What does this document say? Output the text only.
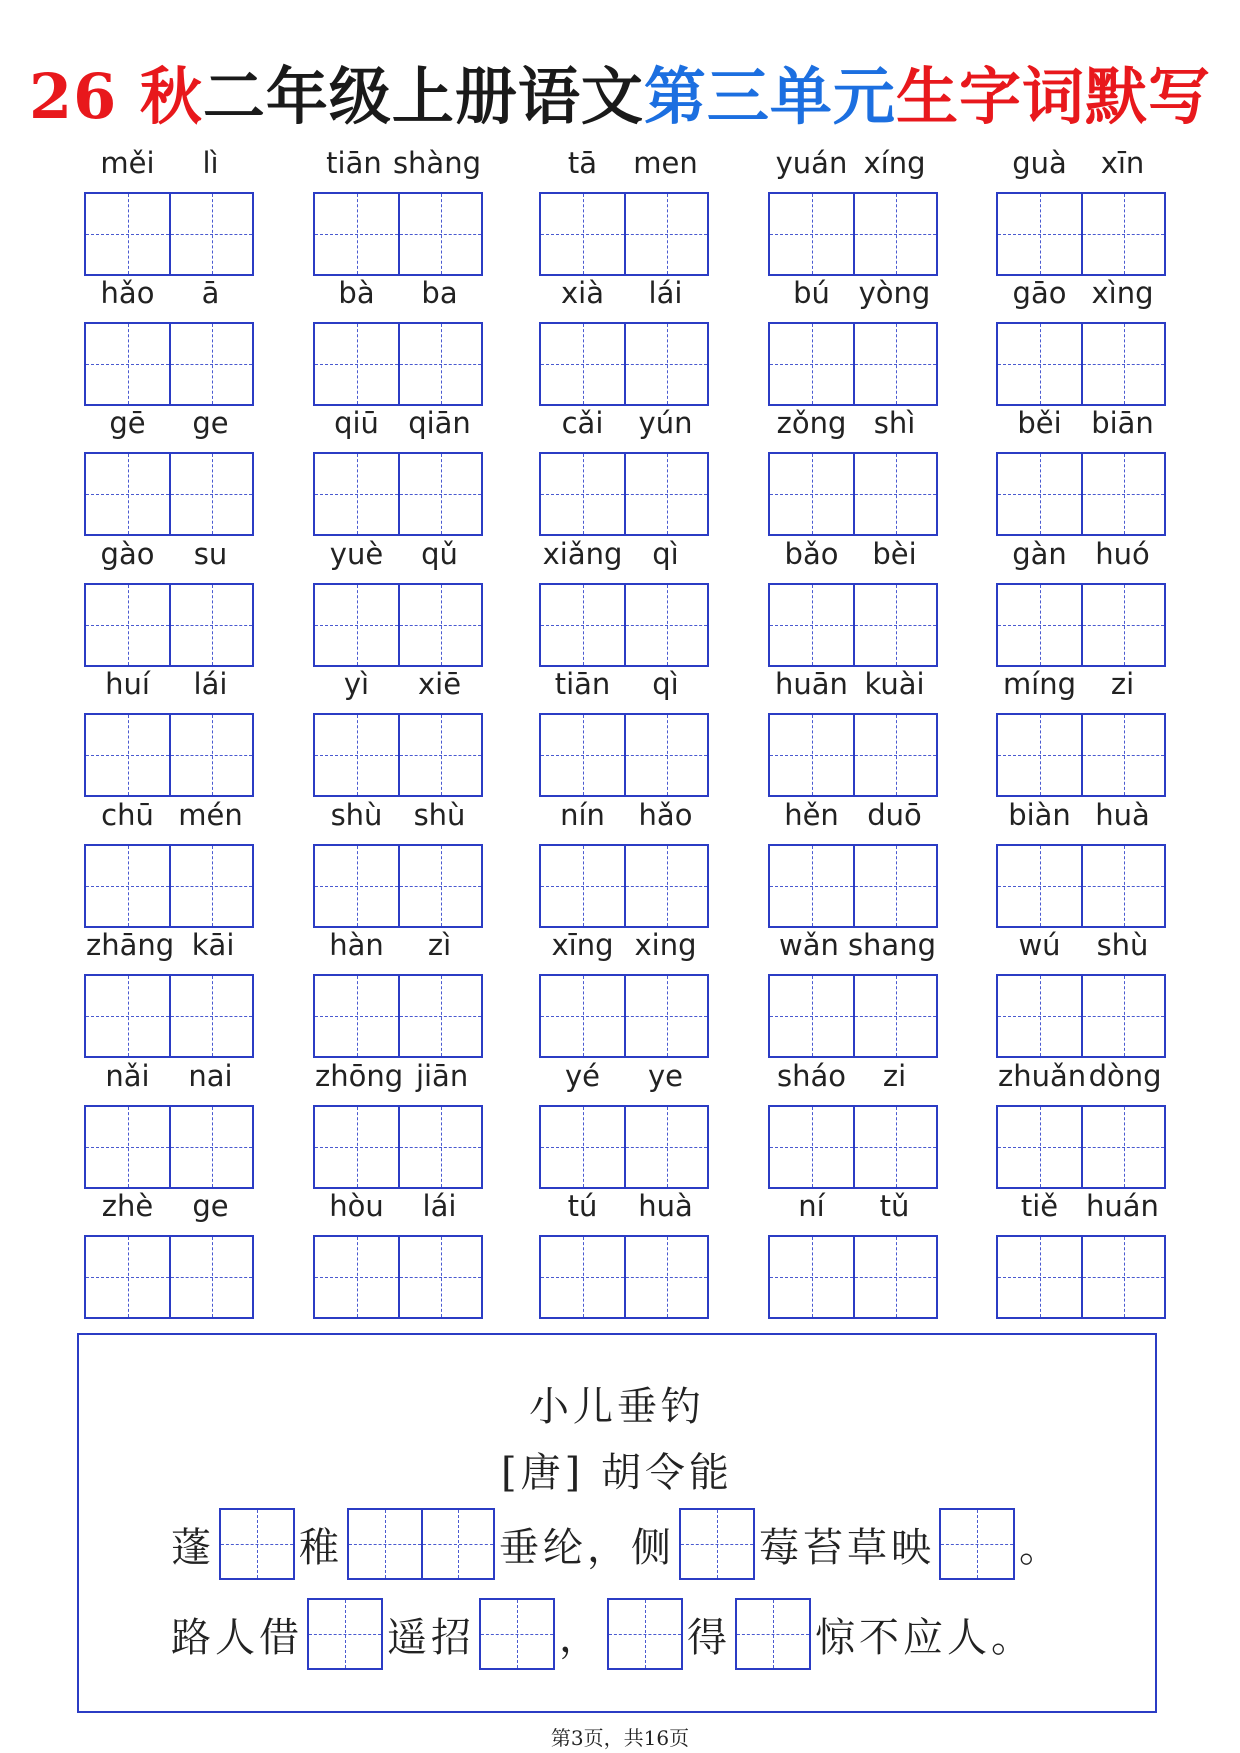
26 秋二年级上册语文第三单元生字词默写
měi	lì	tiān shàng	tā	men	yuán xíng	guà	xīn
hǎo	ā	bà	ba	xià	lái	bú yòng	gāo xìng
gē	ge	qiū	qiān	cǎi	yún	zǒng shì	běi	biān
gào	su	yuè	qǔ	xiǎng	qì	bǎo	bèi	gàn huó
huí	lái	yì	xiē	tiān	qì	huān kuài	míng	zi
chū mén	shù	shù	nín	hǎo	hěn duō	biàn huà
zhāng kāi	hàn	zì	xīng xing	wǎn shang	wú	shù
nǎi	nai	zhōng jiān	yé	ye	sháo	zi	zhuǎn dòng
zhè	ge	hòu	lái	tú	huà	ní	tǔ	tiě huán
小儿垂钓
[唐] 胡令能
蓬 稚	垂纶，侧 莓苔草映 。
路人借 遥招 ， 得 惊不应人。
第3页，共16页
